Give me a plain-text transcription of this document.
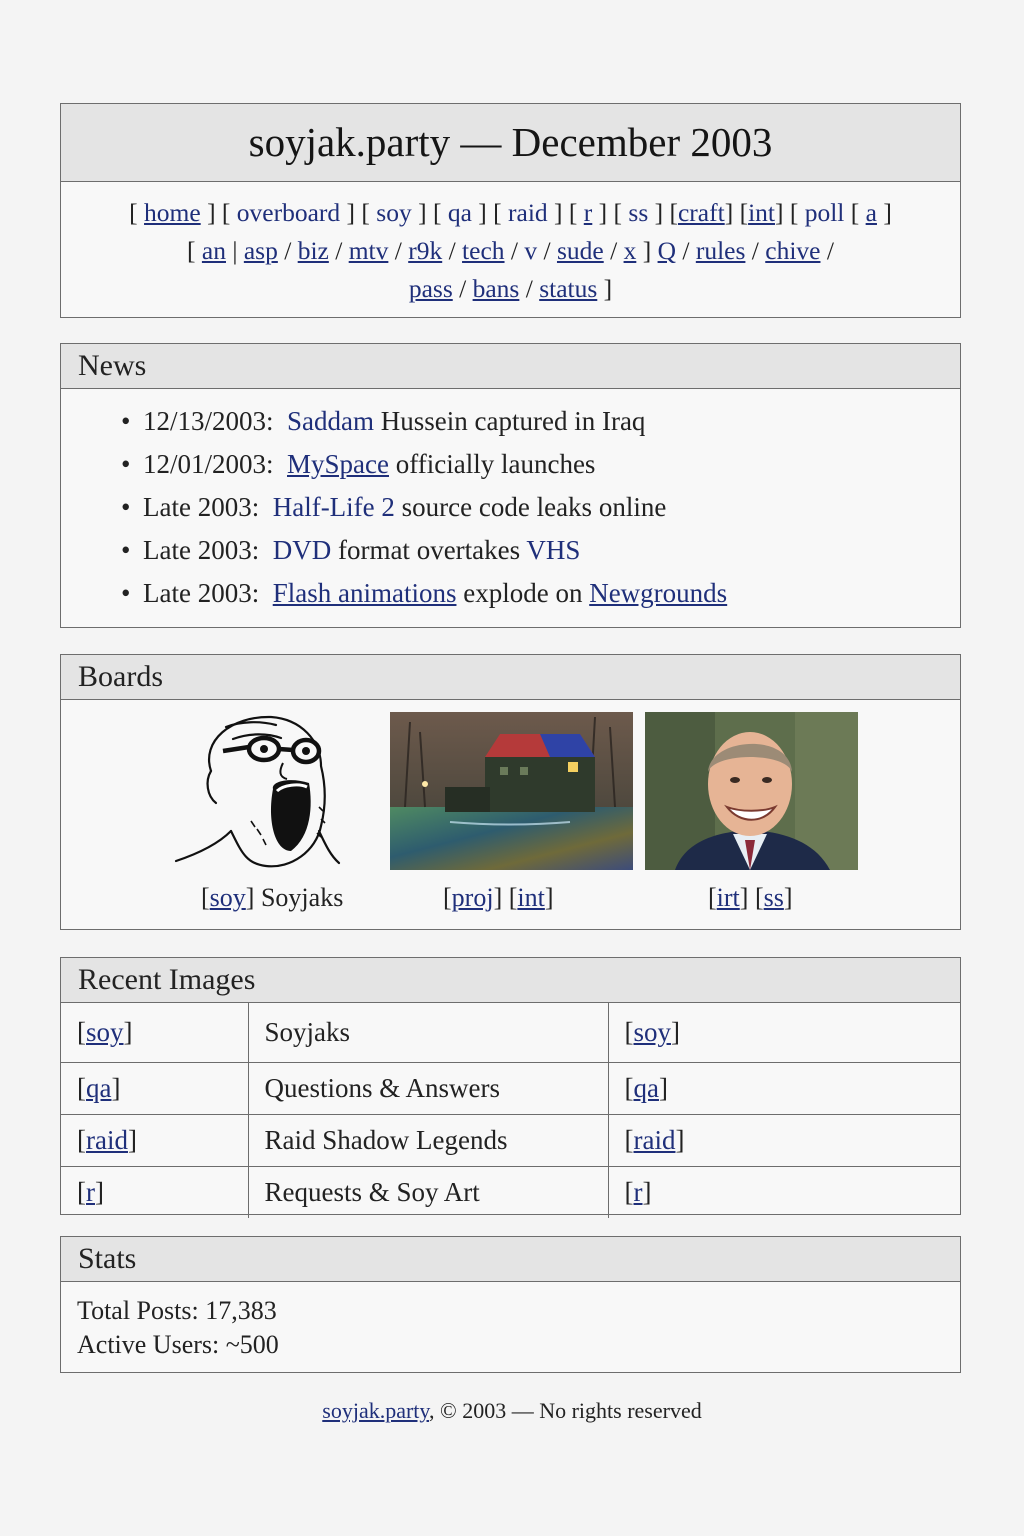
soyjak.party — December 2003
[ home ] [ overboard ] [ soy ] [ qa ] [ raid ] [ r ] [ ss ] [craft] [int] [ poll [ a ]
[ an | asp / biz / mtv / r9k / tech / v / sude / x ] Q / rules / chive /
pass / bans / status ]
News
• 12/13/2003: Saddam Hussein captured in Iraq
• 12/01/2003: MySpace officially launches
• Late 2003: Half-Life 2 source code leaks online
• Late 2003: DVD format overtakes VHS
• Late 2003: Flash animations explode on Newgrounds
Boards
[soy] Soyjaks	[proj] [int]	[irt] [ss]
Recent Images
[soy]	Soyjaks	[soy]
[qa]	Questions & Answers	[qa]
[raid]	Raid Shadow Legends	[raid]
[r]	Requests & Soy Art	[r]
Stats
Total Posts: 17,383
Active Users: ~500
soyjak.party, © 2003 — No rights reserved
